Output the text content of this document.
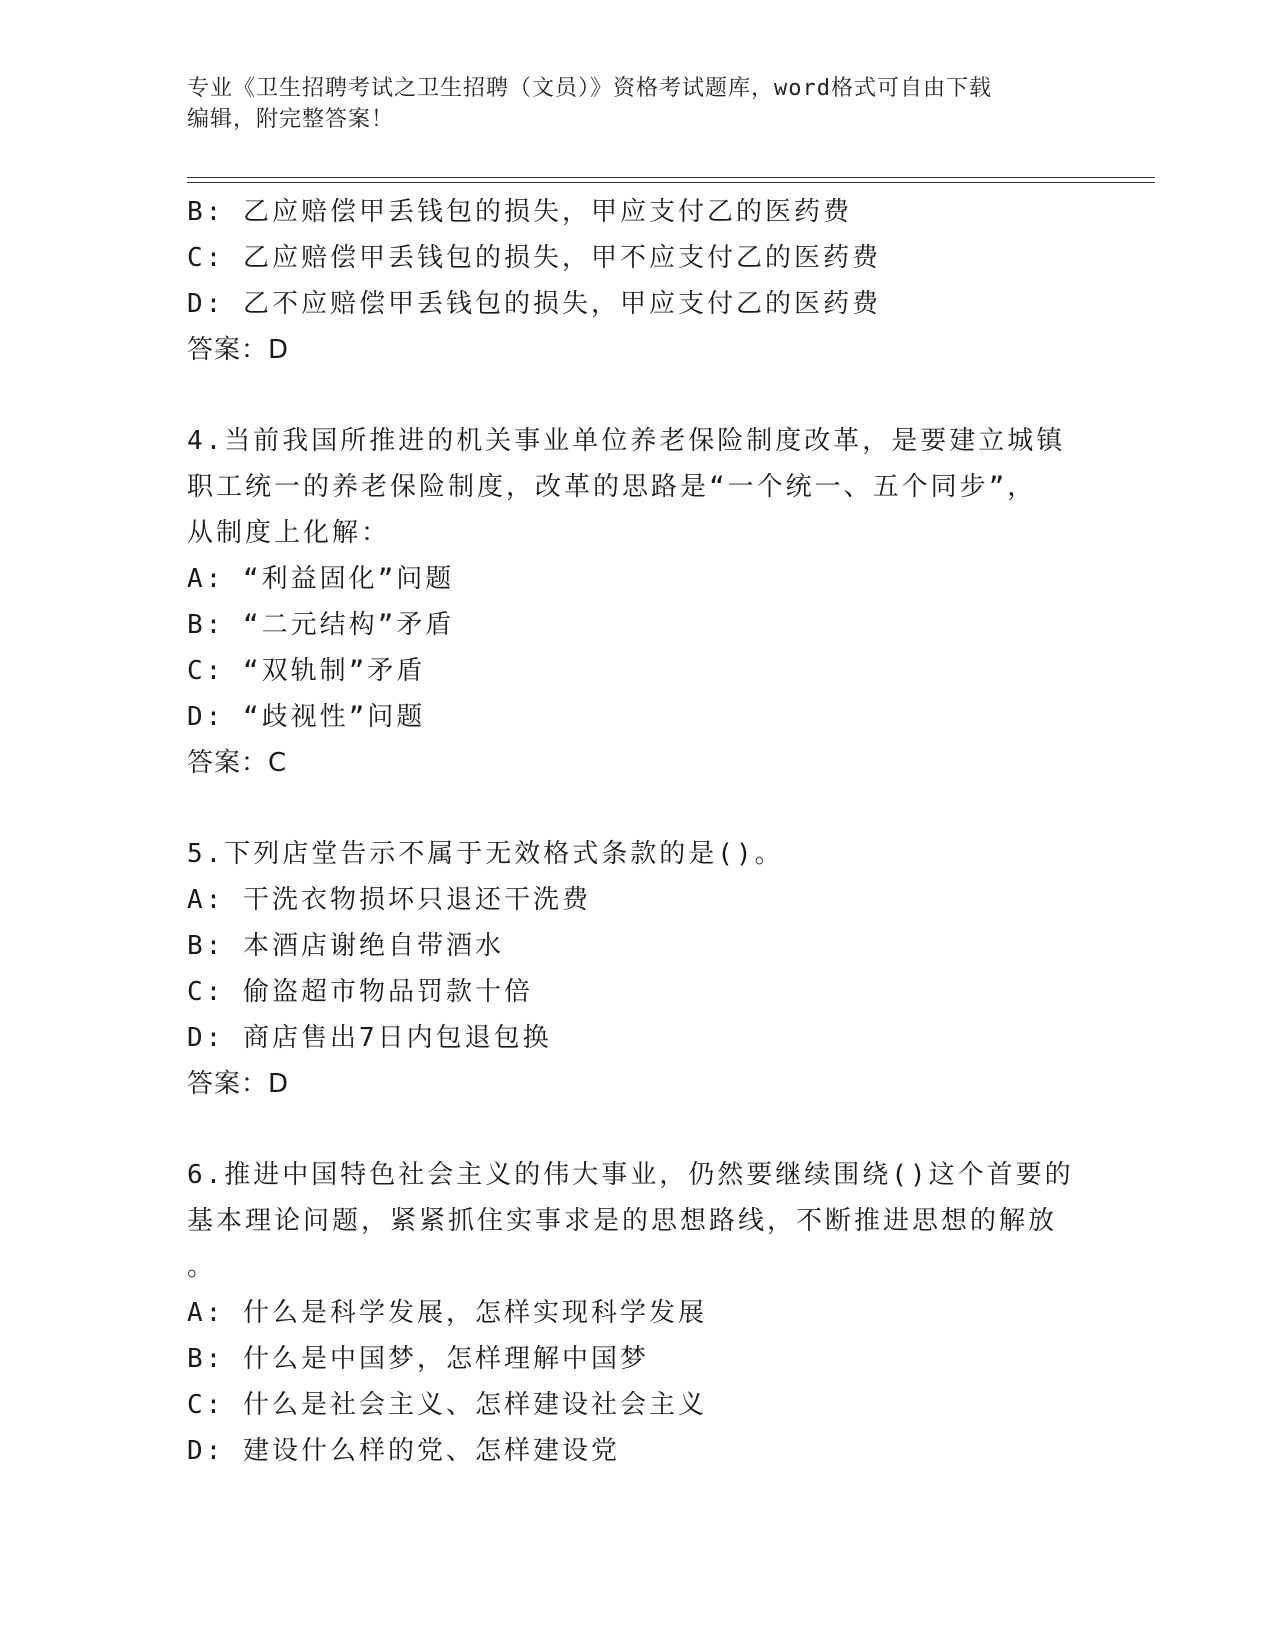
专业《卫生招聘考试之卫生招聘（文员）》资格考试题库，word格式可自由下载
编辑，附完整答案！
B: 乙应赔偿甲丢钱包的损失，甲应支付乙的医药费
C: 乙应赔偿甲丢钱包的损失，甲不应支付乙的医药费
D: 乙不应赔偿甲丢钱包的损失，甲应支付乙的医药费
答案：D
4.当前我国所推进的机关事业单位养老保险制度改革，是要建立城镇
职工统一的养老保险制度，改革的思路是“一个统一、五个同步”，
从制度上化解：
A: “利益固化”问题
B: “二元结构”矛盾
C: “双轨制”矛盾
D: “歧视性”问题
答案：C
5.下列店堂告示不属于无效格式条款的是()。
A: 干洗衣物损坏只退还干洗费
B: 本酒店谢绝自带酒水
C: 偷盗超市物品罚款十倍
D: 商店售出7日内包退包换
答案：D
6.推进中国特色社会主义的伟大事业，仍然要继续围绕()这个首要的
基本理论问题，紧紧抓住实事求是的思想路线，不断推进思想的解放
。
A: 什么是科学发展，怎样实现科学发展
B: 什么是中国梦，怎样理解中国梦
C: 什么是社会主义、怎样建设社会主义
D: 建设什么样的党、怎样建设党
